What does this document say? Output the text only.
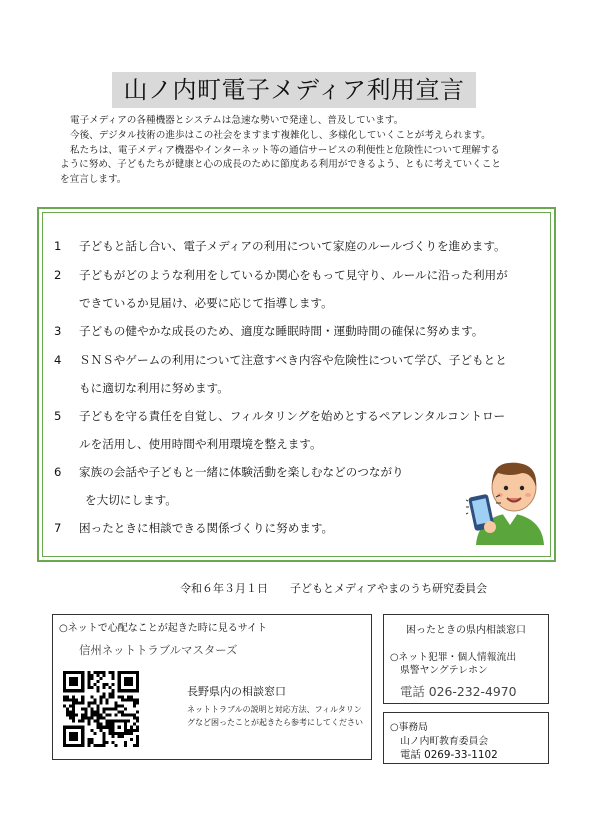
山ノ内町電子メディア利用宣言

電子メディアの各種機器とシステムは急速な勢いで発達し、普及しています。

今後、デジタル技術の進歩はこの社会をますます複雑化し、多様化していくことが考えられます。

私たちは、電子メディア機器やインターネット等の通信サービスの利便性と危険性について理解する

ように努め、子どもたちが健康と心の成長のために節度ある利用ができるよう、ともに考えていくこと

を宣言します。

1 子どもと話し合い、電子メディアの利用について家庭のルールづくりを進めます。
2 子どもがどのような利用をしているか関心をもって見守り、ルールに沿った利用が
できているか見届け、必要に応じて指導します。
3 子どもの健やかな成長のため、適度な睡眠時間・運動時間の確保に努めます。
4 ＳＮＳやゲームの利用について注意すべき内容や危険性について学び、子どもとと
もに適切な利用に努めます。
5 子どもを守る責任を自覚し、フィルタリングを始めとするペアレンタルコントロー
ルを活用し、使用時間や利用環境を整えます。
6 家族の会話や子どもと一緒に体験活動を楽しむなどのつながり
を大切にします。
7 困ったときに相談できる関係づくりに努めます。
令和６年３月１日 子どもとメディアやまのうち研究委員会
○ネットで心配なことが起きた時に見るサイト
信州ネットトラブルマスターズ
長野県内の相談窓口
ネットトラブルの説明と対応方法、フィルタリングなど困ったことが起きたら参考にしてください
困ったときの県内相談窓口
○ネット犯罪・個人情報流出
県警ヤングテレホン
電話 026-232-4970
○事務局
山ノ内町教育委員会
電話 0269-33-1102
